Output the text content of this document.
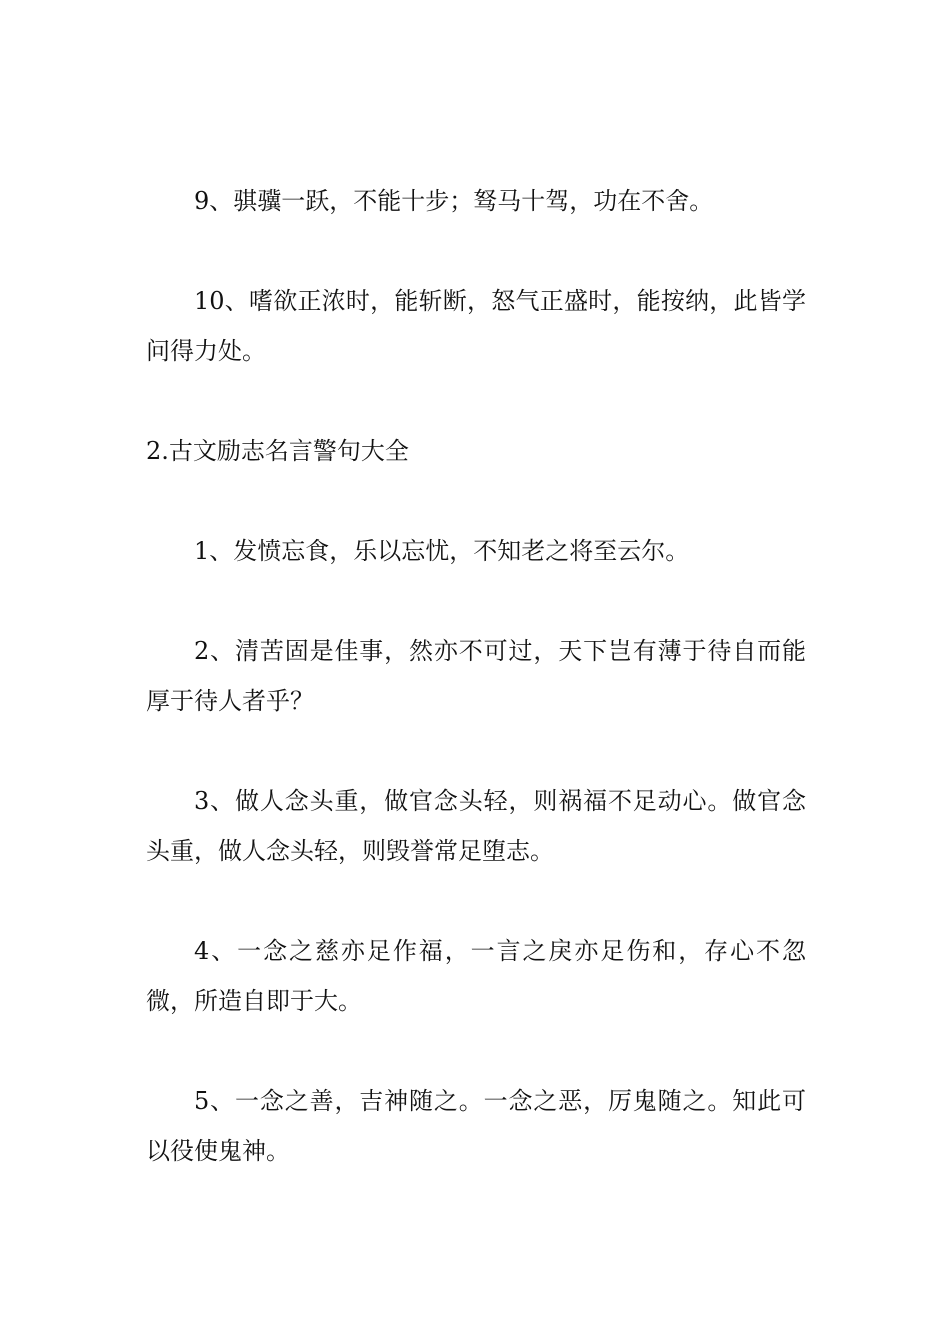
9、骐骥一跃，不能十步；驽马十驾，功在不舍。

10、嗜欲正浓时，能斩断，怒气正盛时，能按纳，此皆学问得力处。

2.古文励志名言警句大全

1、发愤忘食，乐以忘忧，不知老之将至云尔。

2、清苦固是佳事，然亦不可过，天下岂有薄于待自而能厚于待人者乎？

3、做人念头重，做官念头轻，则祸福不足动心。做官念头重，做人念头轻，则毁誉常足堕志。

4、一念之慈亦足作福，一言之戾亦足伤和，存心不忽微，所造自即于大。

5、一念之善，吉神随之。一念之恶，厉鬼随之。知此可以役使鬼神。
